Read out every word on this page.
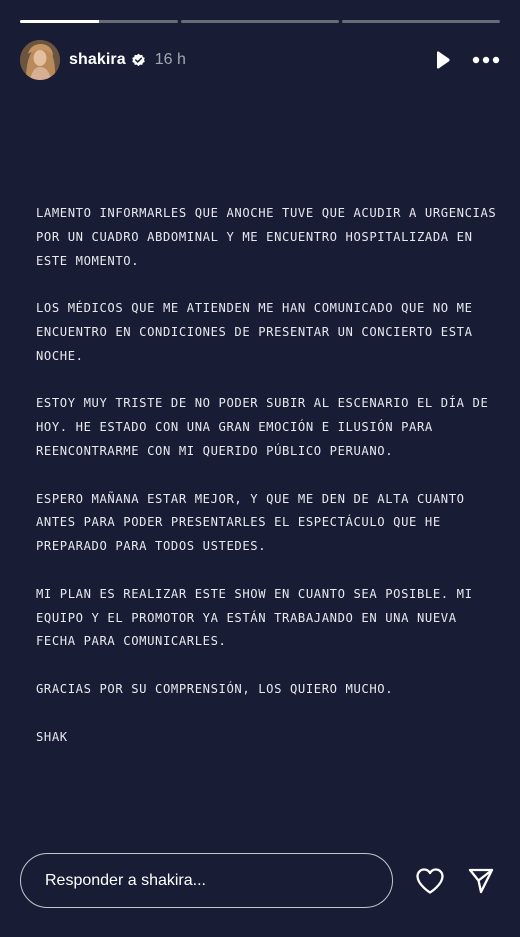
shakira 16 h

LAMENTO INFORMARLES QUE ANOCHE TUVE QUE ACUDIR A URGENCIAS POR UN CUADRO ABDOMINAL Y ME ENCUENTRO HOSPITALIZADA EN ESTE MOMENTO.

LOS MÉDICOS QUE ME ATIENDEN ME HAN COMUNICADO QUE NO ME ENCUENTRO EN CONDICIONES DE PRESENTAR UN CONCIERTO ESTA NOCHE.

ESTOY MUY TRISTE DE NO PODER SUBIR AL ESCENARIO EL DÍA DE HOY. HE ESTADO CON UNA GRAN EMOCIÓN E ILUSIÓN PARA REENCONTRARME CON MI QUERIDO PÚBLICO PERUANO.

ESPERO MAÑANA ESTAR MEJOR, Y QUE ME DEN DE ALTA CUANTO ANTES PARA PODER PRESENTARLES EL ESPECTÁCULO QUE HE PREPARADO PARA TODOS USTEDES.

MI PLAN ES REALIZAR ESTE SHOW EN CUANTO SEA POSIBLE. MI EQUIPO Y EL PROMOTOR YA ESTÁN TRABAJANDO EN UNA NUEVA FECHA PARA COMUNICARLES.

GRACIAS POR SU COMPRENSIÓN, LOS QUIERO MUCHO.

SHAK

Responder a shakira...
